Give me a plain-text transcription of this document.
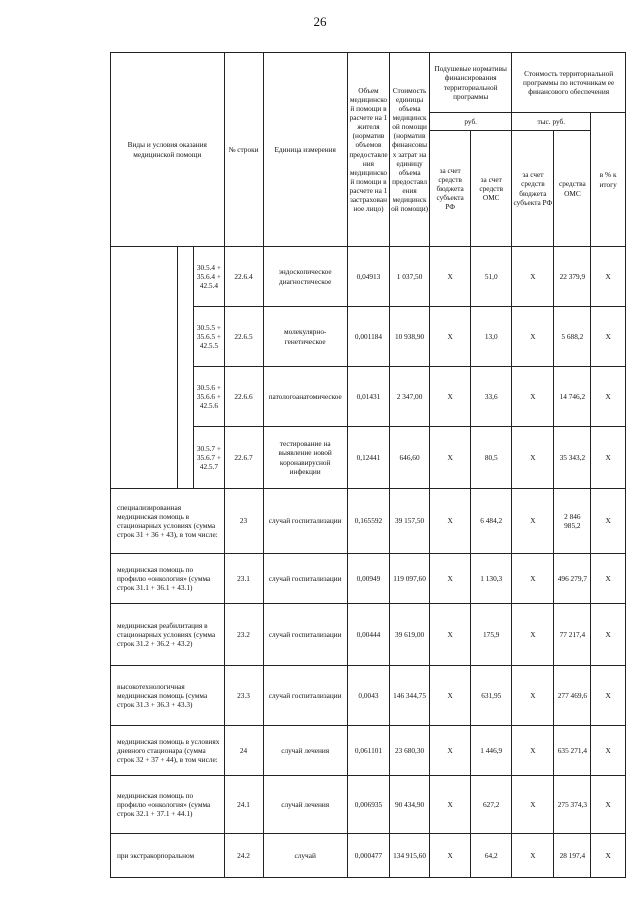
26
Виды и условия оказания медицинской помощи			№ строки	Единица измерения	Объем медицинской помощи в расчете на 1 жителя (норматив объемов предоставления медицинской помощи в расчете на 1 застрахованное лицо)	Стоимость единицы объема медицинской помощи (норматив финансовых затрат на единицу объема предоставления медицинской помощи)	Подушевые нормативы финансирования территориальной программы		Стоимость территориальной программы по источникам ее финансового обеспечения		
							руб.		тыс. руб.		в % к итогу
							за счет средств бюджета субъекта РФ	за счет средств ОМС	за счет средств бюджета субъекта РФ	средства ОМС	
		30.5.4 + 35.6.4 + 42.5.4	22.6.4	эндоскопическое диагностическое	0,04913	1 037,50	X	51,0	X	22 379,9	X
		30.5.5 + 35.6.5 + 42.5.5	22.6.5	молекулярно-генетическое	0,001184	10 938,90	X	13,0	X	5 688,2	X
		30.5.6 + 35.6.6 + 42.5.6	22.6.6	патологоанатомическое	0,01431	2 347,00	X	33,6	X	14 746,2	X
		30.5.7 + 35.6.7 + 42.5.7	22.6.7	тестирование на выявление новой коронавирусной инфекции	0,12441	646,60	X	80,5	X	35 343,2	X
специализированная медицинская помощь в стационарных условиях (сумма строк 31 + 36 + 43), в том числе:			23	случай госпитализации	0,165592	39 157,50	X	6 484,2	X	2 846 985,2	X
медицинская помощь по профилю «онкология» (сумма строк 31.1 + 36.1 + 43.1)			23.1	случай госпитализации	0,00949	119 097,60	X	1 130,3	X	496 279,7	X
медицинская реабилитация в стационарных условиях (сумма строк 31.2 + 36.2 + 43.2)			23.2	случай госпитализации	0,00444	39 619,00	X	175,9	X	77 217,4	X
высокотехнологичная медицинская помощь (сумма строк 31.3 + 36.3 + 43.3)			23.3	случай госпитализации	0,0043	146 344,75	X	631,95	X	277 469,6	X
медицинская помощь в условиях дневного стационара (сумма строк 32 + 37 + 44), в том числе:			24	случай лечения	0,061101	23 680,30	X	1 446,9	X	635 271,4	X
медицинская помощь по профилю «онкология» (сумма строк 32.1 + 37.1 + 44.1)			24.1	случай лечения	0,006935	90 434,90	X	627,2	X	275 374,3	X
при экстракорпоральном			24.2	случай	0,000477	134 915,60	X	64,2	X	28 197,4	X
